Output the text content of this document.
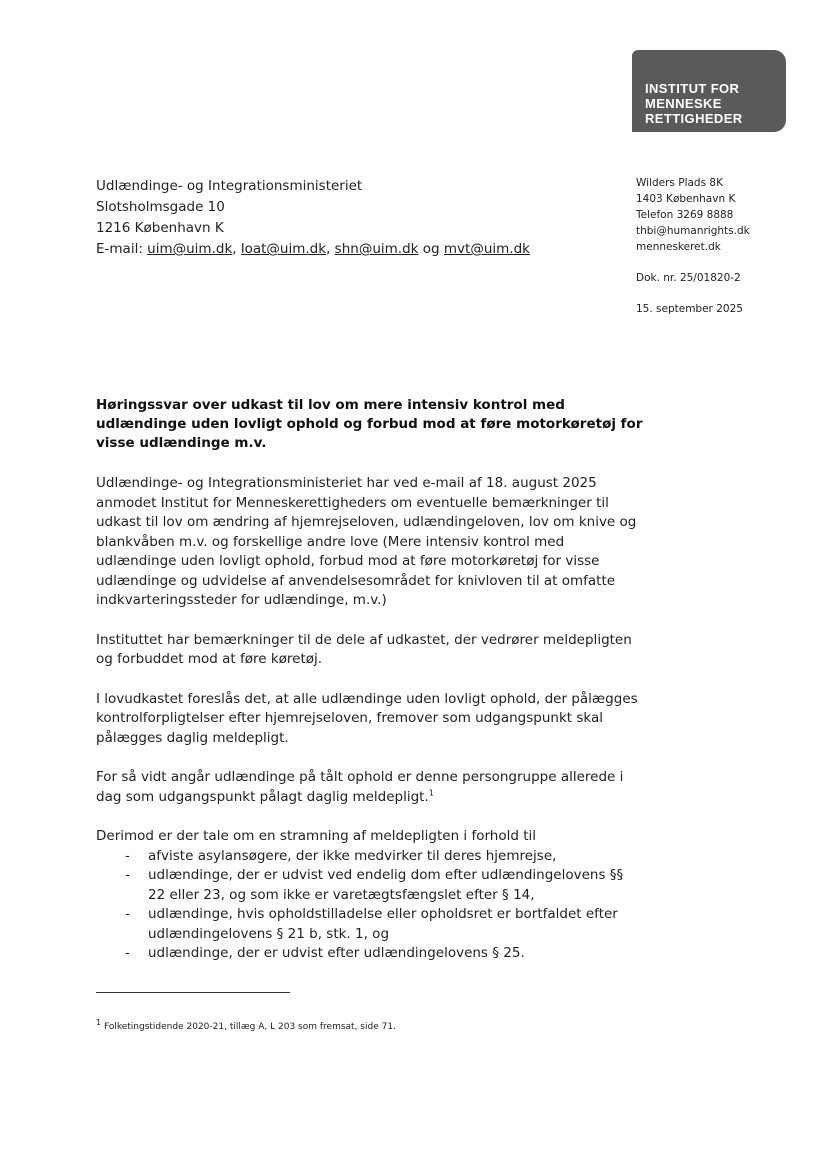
INSTITUT FOR
MENNESKE
RETTIGHEDER
Udlændinge- og Integrationsministeriet
Slotsholmsgade 10
1216 København K
E-mail: uim@uim.dk, loat@uim.dk, shn@uim.dk og mvt@uim.dk
Wilders Plads 8K
1403 København K
Telefon 3269 8888
thbi@humanrights.dk
menneskeret.dk
Dok. nr. 25/01820-2
15. september 2025
Høringssvar over udkast til lov om mere intensiv kontrol med udlændinge uden lovligt ophold og forbud mod at føre motorkøretøj for visse udlændinge m.v.

Udlændinge- og Integrationsministeriet har ved e-mail af 18. august 2025 anmodet Institut for Menneskerettigheders om eventuelle bemærkninger til udkast til lov om ændring af hjemrejseloven, udlændingeloven, lov om knive og blankvåben m.v. og forskellige andre love (Mere intensiv kontrol med udlændinge uden lovligt ophold, forbud mod at føre motorkøretøj for visse udlændinge og udvidelse af anvendelsesområdet for knivloven til at omfatte indkvarteringssteder for udlændinge, m.v.)

Instituttet har bemærkninger til de dele af udkastet, der vedrører meldepligten og forbuddet mod at føre køretøj.

I lovudkastet foreslås det, at alle udlændinge uden lovligt ophold, der pålægges kontrolforpligtelser efter hjemrejseloven, fremover som udgangspunkt skal pålægges daglig meldepligt.

For så vidt angår udlændinge på tålt ophold er denne persongruppe allerede i dag som udgangspunkt pålagt daglig meldepligt.$^1$

Derimod er der tale om en stramning af meldepligten i forhold til
- afviste asylansøgere, der ikke medvirker til deres hjemrejse,
- udlændinge, der er udvist ved endelig dom efter udlændingelovens §§ 22 eller 23, og som ikke er varetægtsfængslet efter § 14,
- udlændinge, hvis opholdstilladelse eller opholdsret er bortfaldet efter udlændingelovens § 21 b, stk. 1, og
- udlændinge, der er udvist efter udlændingelovens § 25.
$^1$ Folketingstidende 2020-21, tillæg A, L 203 som fremsat, side 71.
